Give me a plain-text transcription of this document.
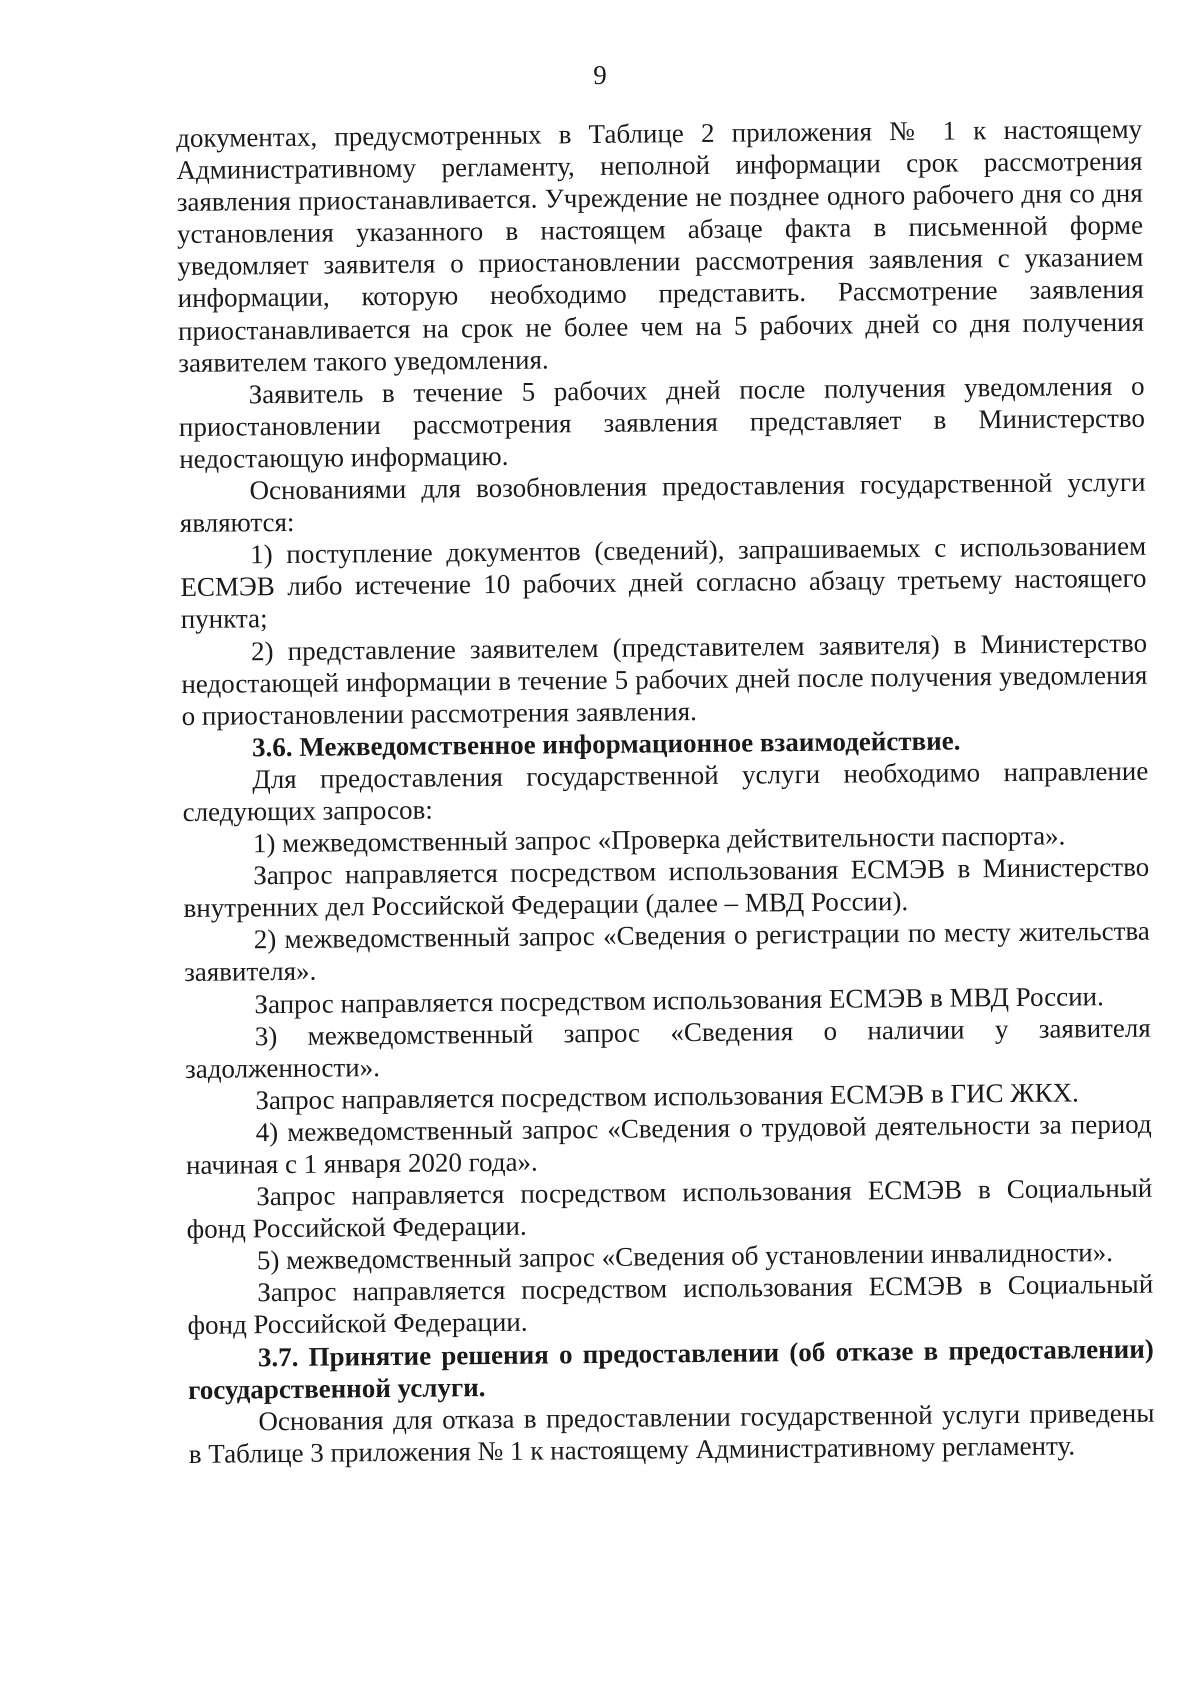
9

документах, предусмотренных в Таблице 2 приложения № 1 к настоящему Административному регламенту, неполной информации срок рассмотрения заявления приостанавливается. Учреждение не позднее одного рабочего дня со дня установления указанного в настоящем абзаце факта в письменной форме уведомляет заявителя о приостановлении рассмотрения заявления с указанием информации, которую необходимо представить. Рассмотрение заявления приостанавливается на срок не более чем на 5 рабочих дней со дня получения заявителем такого уведомления.

Заявитель в течение 5 рабочих дней после получения уведомления о приостановлении рассмотрения заявления представляет в Министерство недостающую информацию.

Основаниями для возобновления предоставления государственной услуги являются:

1) поступление документов (сведений), запрашиваемых с использованием ЕСМЭВ либо истечение 10 рабочих дней согласно абзацу третьему настоящего пункта;

2) представление заявителем (представителем заявителя) в Министерство недостающей информации в течение 5 рабочих дней после получения уведомления о приостановлении рассмотрения заявления.

3.6. Межведомственное информационное взаимодействие.

Для предоставления государственной услуги необходимо направление следующих запросов:

1) межведомственный запрос «Проверка действительности паспорта».

Запрос направляется посредством использования ЕСМЭВ в Министерство внутренних дел Российской Федерации (далее – МВД России).

2) межведомственный запрос «Сведения о регистрации по месту жительства заявителя».

Запрос направляется посредством использования ЕСМЭВ в МВД России.

3) межведомственный запрос «Сведения о наличии у заявителя задолженности».

Запрос направляется посредством использования ЕСМЭВ в ГИС ЖКХ.

4) межведомственный запрос «Сведения о трудовой деятельности за период начиная с 1 января 2020 года».

Запрос направляется посредством использования ЕСМЭВ в Социальный фонд Российской Федерации.

5) межведомственный запрос «Сведения об установлении инвалидности».

Запрос направляется посредством использования ЕСМЭВ в Социальный фонд Российской Федерации.

3.7. Принятие решения о предоставлении (об отказе в предоставлении) государственной услуги.

Основания для отказа в предоставлении государственной услуги приведены в Таблице 3 приложения № 1 к настоящему Административному регламенту.
